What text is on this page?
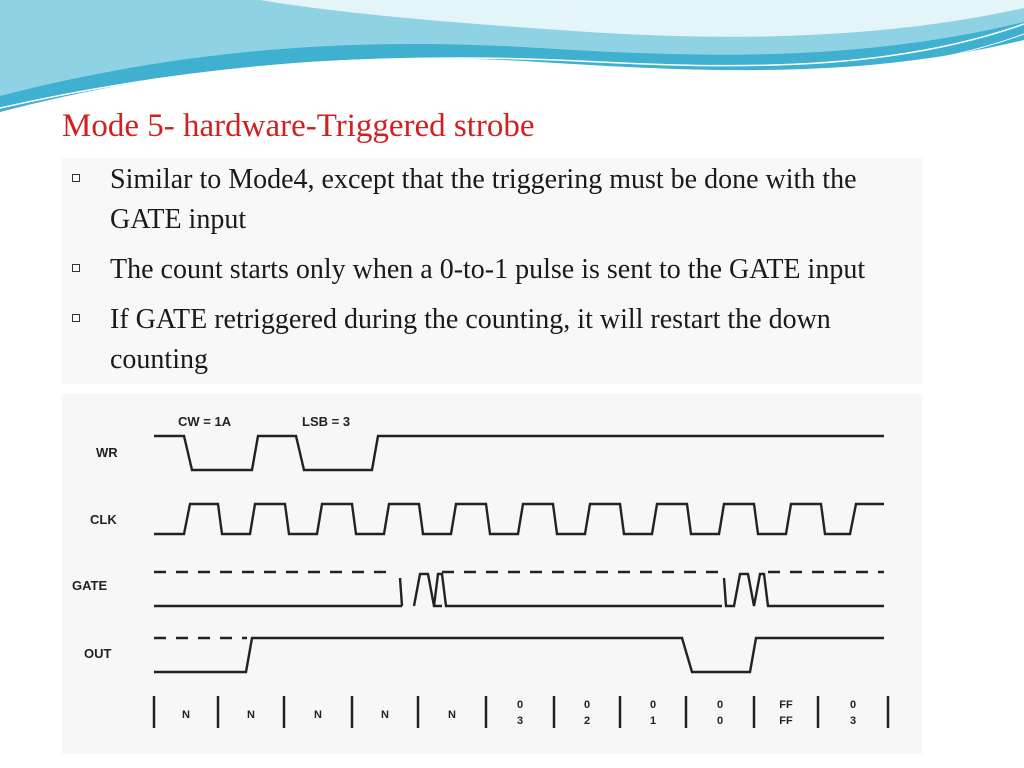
Mode 5- hardware-Triggered strobe
Similar to Mode4, except that the triggering must be done with the GATE input
The count starts only when a 0-to-1 pulse is sent to the GATE input
If GATE retriggered during the counting, it will restart the down counting
CW = 1A	LSB = 3
WR
CLK
GATE
OUT
N	N	N	N	N
0
3
0
2
0
1
0
0
FF
FF
0
3
